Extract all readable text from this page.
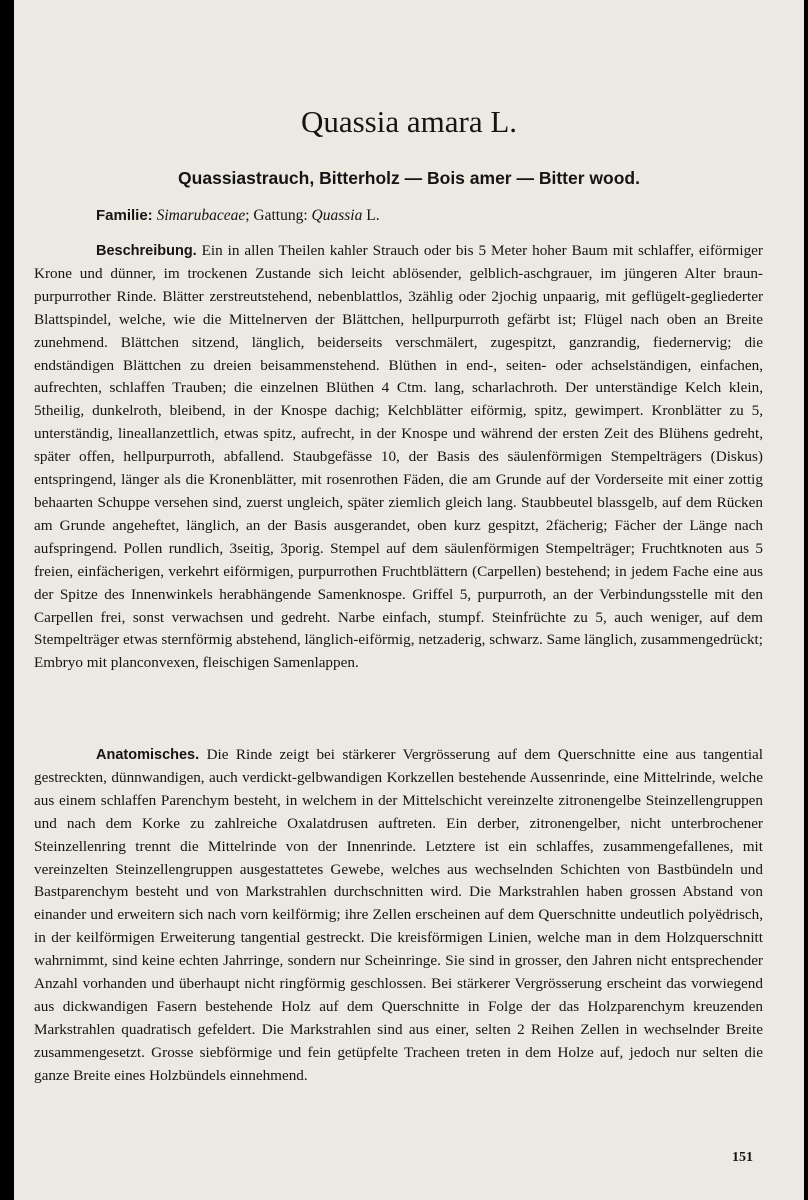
Quassia amara L.
Quassiastrauch, Bitterholz — Bois amer — Bitter wood.
Familie: Simarubaceae; Gattung: Quassia L.

Beschreibung. Ein in allen Theilen kahler Strauch oder bis 5 Meter hoher Baum mit schlaffer, eiförmiger Krone und dünner, im trockenen Zustande sich leicht ablösender, gelblich-aschgrauer, im jüngeren Alter braun-purpurrother Rinde. Blätter zerstreutstehend, nebenblattlos, 3zählig oder 2jochig unpaarig, mit geflügelt-gegliederter Blattspindel, welche, wie die Mittelnerven der Blättchen, hellpurpurroth gefärbt ist; Flügel nach oben an Breite zunehmend. Blättchen sitzend, länglich, beiderseits verschmälert, zugespitzt, ganzrandig, fiedernervig; die endständigen Blättchen zu dreien beisammenstehend. Blüthen in end-, seiten- oder achselständigen, einfachen, aufrechten, schlaffen Trauben; die einzelnen Blüthen 4 Ctm. lang, scharlachroth. Der unterständige Kelch klein, 5theilig, dunkelroth, bleibend, in der Knospe dachig; Kelchblätter eiförmig, spitz, gewimpert. Kronblätter zu 5, unterständig, lineallanzettlich, etwas spitz, aufrecht, in der Knospe und während der ersten Zeit des Blühens gedreht, später offen, hellpurpurroth, abfallend. Staubgefässe 10, der Basis des säulenförmigen Stempelträgers (Diskus) entspringend, länger als die Kronenblätter, mit rosenrothen Fäden, die am Grunde auf der Vorderseite mit einer zottig behaarten Schuppe versehen sind, zuerst ungleich, später ziemlich gleich lang. Staubbeutel blassgelb, auf dem Rücken am Grunde angeheftet, länglich, an der Basis ausgerandet, oben kurz gespitzt, 2fächerig; Fächer der Länge nach aufspringend. Pollen rundlich, 3seitig, 3porig. Stempel auf dem säulenförmigen Stempelträger; Fruchtknoten aus 5 freien, einfächerigen, verkehrt eiförmigen, purpurrothen Fruchtblättern (Carpellen) bestehend; in jedem Fache eine aus der Spitze des Innenwinkels herabhängende Samenknospe. Griffel 5, purpurroth, an der Verbindungsstelle mit den Carpellen frei, sonst verwachsen und gedreht. Narbe einfach, stumpf. Steinfrüchte zu 5, auch weniger, auf dem Stempelträger etwas sternförmig abstehend, länglich-eiförmig, netzaderig, schwarz. Same länglich, zusammengedrückt; Embryo mit planconvexen, fleischigen Samenlappen.

Anatomisches. Die Rinde zeigt bei stärkerer Vergrösserung auf dem Querschnitte eine aus tangential gestreckten, dünnwandigen, auch verdickt-gelbwandigen Korkzellen bestehende Aussenrinde, eine Mittelrinde, welche aus einem schlaffen Parenchym besteht, in welchem in der Mittelschicht vereinzelte zitronengelbe Steinzellengruppen und nach dem Korke zu zahlreiche Oxalatdrusen auftreten. Ein derber, zitronengelber, nicht unterbrochener Steinzellenring trennt die Mittelrinde von der Innenrinde. Letztere ist ein schlaffes, zusammengefallenes, mit vereinzelten Steinzellengruppen ausgestattetes Gewebe, welches aus wechselnden Schichten von Bastbündeln und Bastparenchym besteht und von Markstrahlen durchschnitten wird. Die Markstrahlen haben grossen Abstand von einander und erweitern sich nach vorn keilförmig; ihre Zellen erscheinen auf dem Querschnitte undeutlich polyëdrisch, in der keilförmigen Erweiterung tangential gestreckt. Die kreisförmigen Linien, welche man in dem Holzquerschnitt wahrnimmt, sind keine echten Jahrringe, sondern nur Scheinringe. Sie sind in grosser, den Jahren nicht entsprechender Anzahl vorhanden und überhaupt nicht ringförmig geschlossen. Bei stärkerer Vergrösserung erscheint das vorwiegend aus dickwandigen Fasern bestehende Holz auf dem Querschnitte in Folge der das Holzparenchym kreuzenden Markstrahlen quadratisch gefeldert. Die Markstrahlen sind aus einer, selten 2 Reihen Zellen in wechselnder Breite zusammengesetzt. Grosse siebförmige und fein getüpfelte Tracheen treten in dem Holze auf, jedoch nur selten die ganze Breite eines Holzbündels einnehmend.

151
